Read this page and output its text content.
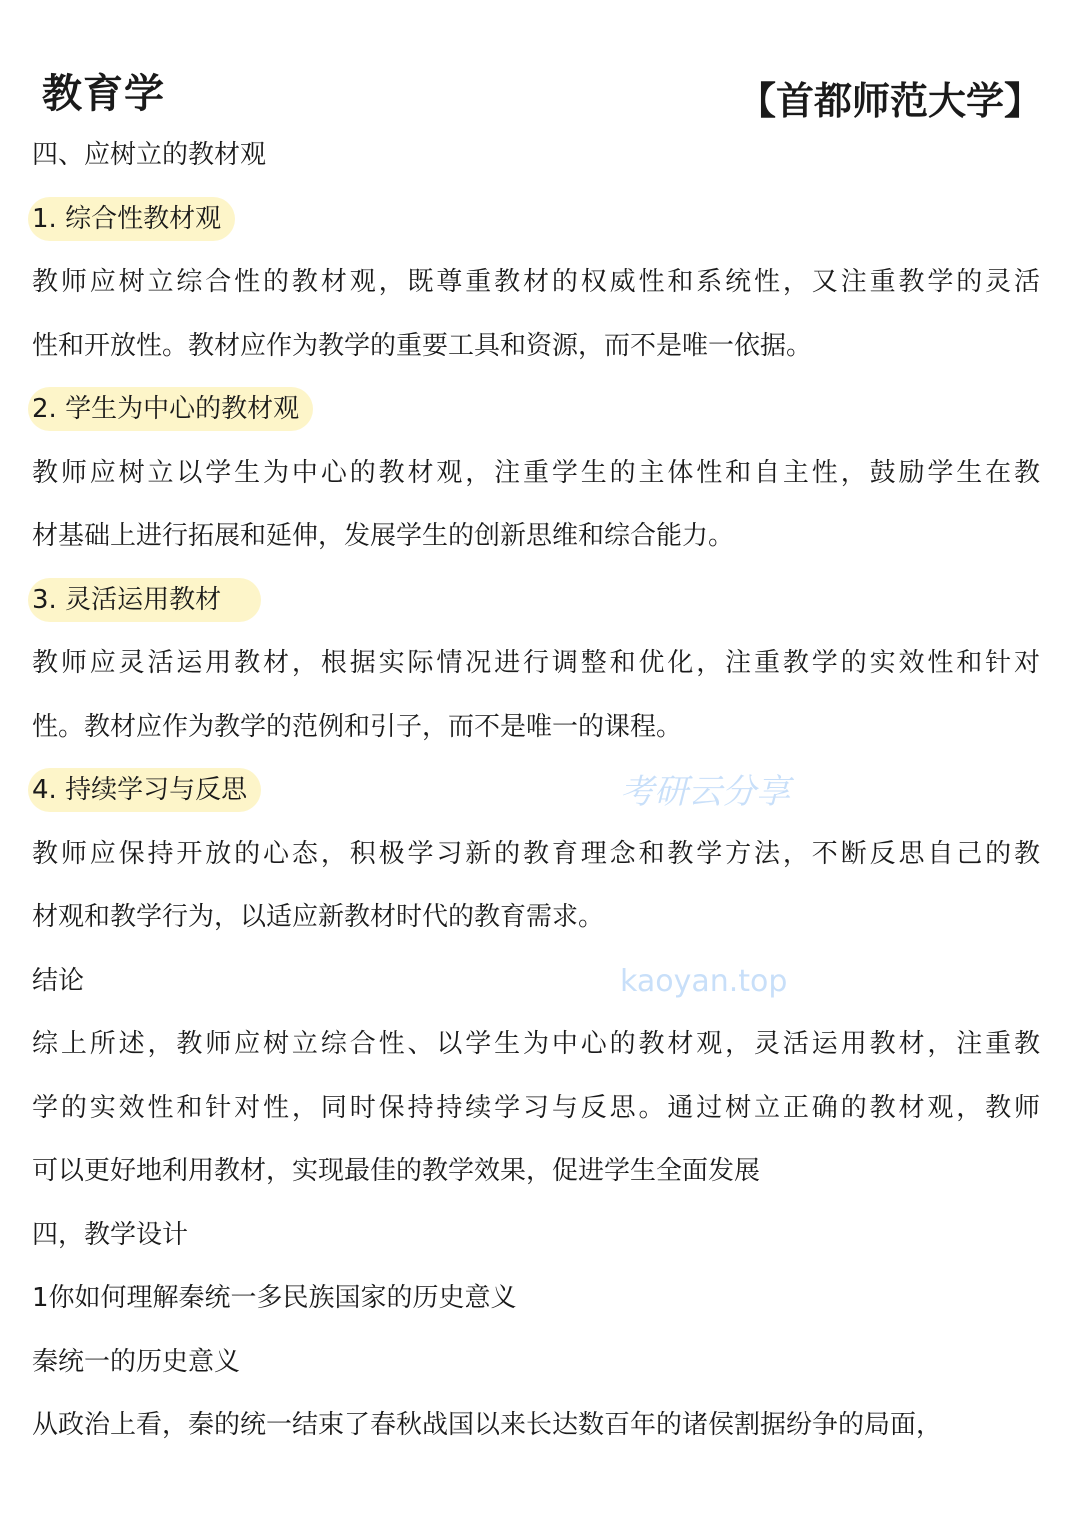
教育学	【首都师范大学】
四、应树立的教材观
1. 综合性教材观
教师应树立综合性的教材观，既尊重教材的权威性和系统性，又注重教学的灵活
性和开放性。教材应作为教学的重要工具和资源，而不是唯一依据。
2. 学生为中心的教材观
教师应树立以学生为中心的教材观，注重学生的主体性和自主性，鼓励学生在教
材基础上进行拓展和延伸，发展学生的创新思维和综合能力。
3. 灵活运用教材
教师应灵活运用教材，根据实际情况进行调整和优化，注重教学的实效性和针对
性。教材应作为教学的范例和引子，而不是唯一的课程。
4. 持续学习与反思
教师应保持开放的心态，积极学习新的教育理念和教学方法，不断反思自己的教
材观和教学行为，以适应新教材时代的教育需求。
结论
综上所述，教师应树立综合性、以学生为中心的教材观，灵活运用教材，注重教
学的实效性和针对性，同时保持持续学习与反思。通过树立正确的教材观，教师
可以更好地利用教材，实现最佳的教学效果，促进学生全面发展
四，教学设计
1你如何理解秦统一多民族国家的历史意义
秦统一的历史意义
从政治上看，秦的统一结束了春秋战国以来长达数百年的诸侯割据纷争的局面，
考研云分享
kaoyan.top
